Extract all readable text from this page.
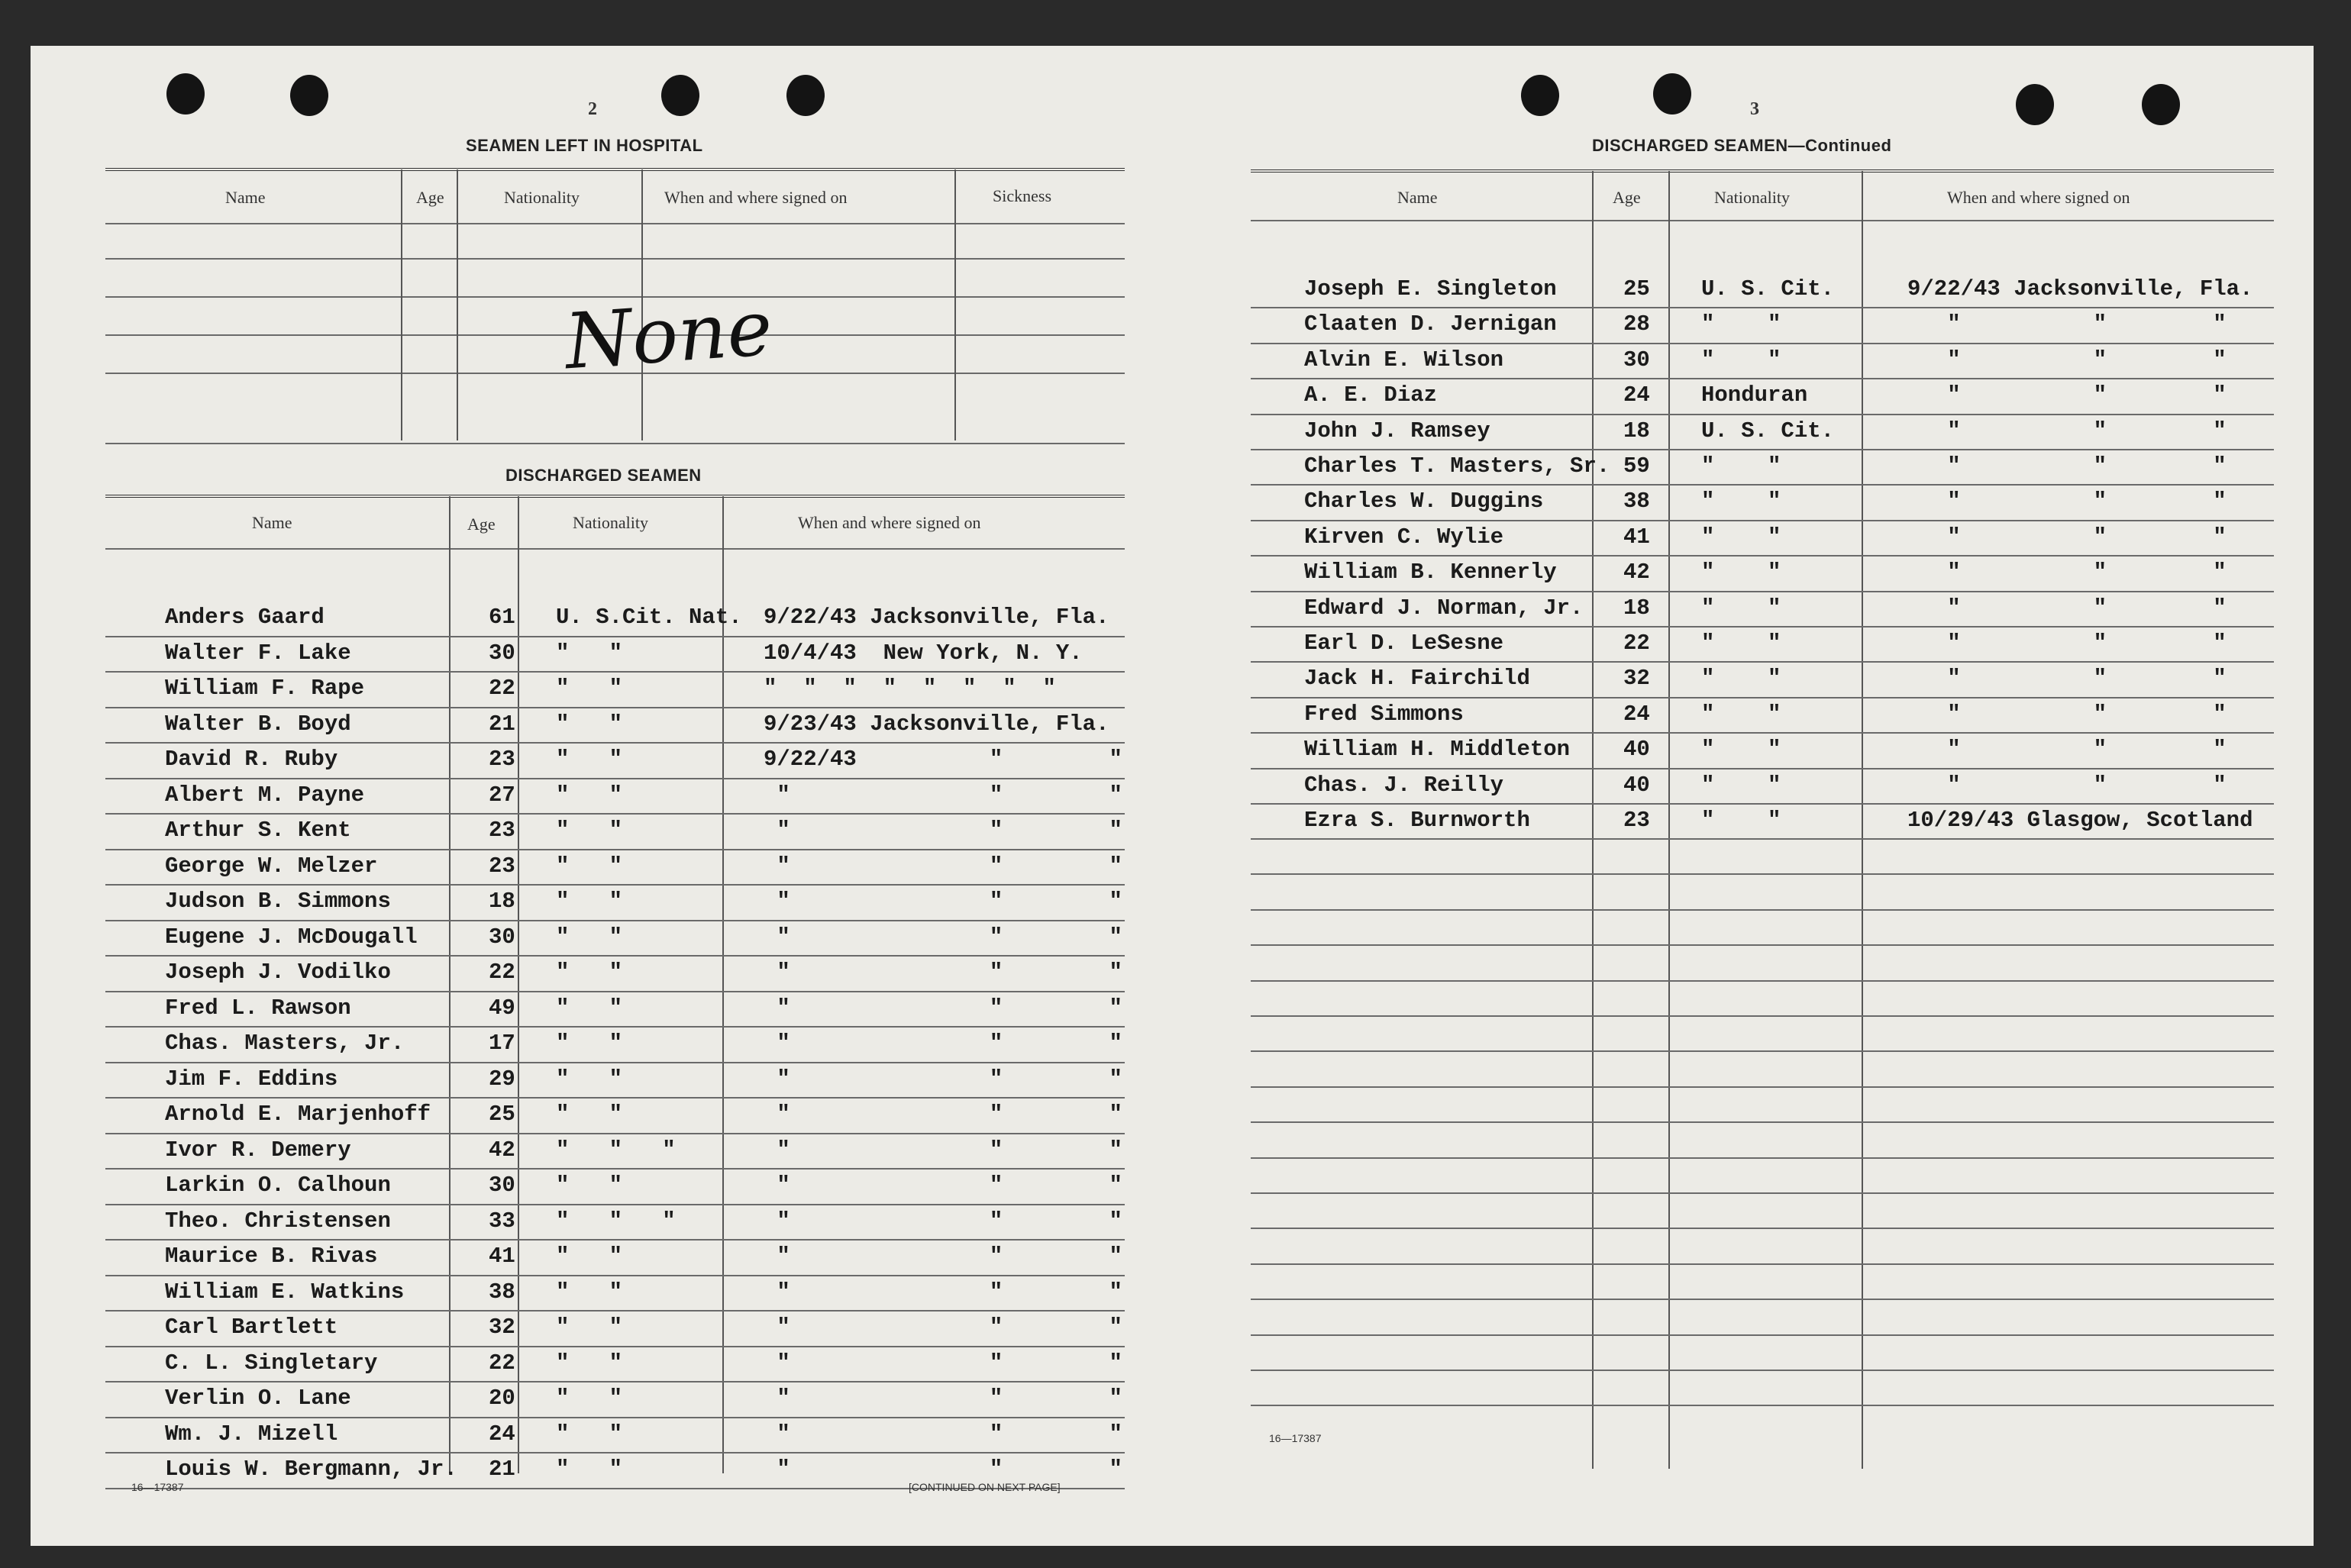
2
SEAMEN LEFT IN HOSPITAL
Name	Age	Nationality	When and where signed on	Sickness
None
DISCHARGED SEAMEN
Name	Age	Nationality	When and where signed on
Anders Gaard	61 U. S.Cit. Nat. 9/22/43 Jacksonville, Fla.
Walter F. Lake	30 "   "	10/4/43  New York, N. Y.
William F. Rape	22 "   "	"  "  "  "  "  "  "  "
Walter B. Boyd	21 "   "	9/23/43 Jacksonville, Fla.
David R. Ruby	23 "   "	9/22/43          "        "
Albert M. Payne	27 "   "	"               "        "
Arthur S. Kent	23 "   "	"               "        "
George W. Melzer	23 "   "	"               "        "
Judson B. Simmons	18 "   "	"               "        "
Eugene J. McDougall	30 "   "	"               "        "
Joseph J. Vodilko	22 "   "	"               "        "
Fred L. Rawson	49 "   "	"               "        "
Chas. Masters, Jr.	17 "   "	"               "        "
Jim F. Eddins	29 "   "	"               "        "
Arnold E. Marjenhoff	25 "   "	"               "        "
Ivor R. Demery	42 "   "   "	"               "        "
Larkin O. Calhoun	30 "   "	"               "        "
Theo. Christensen	33 "   "   "	"               "        "
Maurice B. Rivas	41 "   "	"               "        "
William E. Watkins	38 "   "	"               "        "
Carl Bartlett	32 "   "	"               "        "
C. L. Singletary	22 "   "	"               "        "
Verlin O. Lane	20 "   "	"               "        "
Wm. J. Mizell	24 "   "	"               "        "
Louis W. Bergmann, Jr. 21 "   "	"               "        "
16—17387	[CONTINUED ON NEXT PAGE]
3
DISCHARGED SEAMEN—Continued
Name	Age	Nationality	When and where signed on
Joseph E. Singleton	25 U. S. Cit.	9/22/43 Jacksonville, Fla.
Claaten D. Jernigan	28 "    "	"          "        "
Alvin E. Wilson	30 "    "	"          "        "
A. E. Diaz	24 Honduran	"          "        "
John J. Ramsey	18 U. S. Cit.	"          "        "
Charles T. Masters, Sr. 59 "    "	"          "        "
Charles W. Duggins	38 "    "	"          "        "
Kirven C. Wylie	41 "    "	"          "        "
William B. Kennerly	42 "    "	"          "        "
Edward J. Norman, Jr. 18 "    "	"          "        "
Earl D. LeSesne	22 "    "	"          "        "
Jack H. Fairchild	32 "    "	"          "        "
Fred Simmons	24 "    "	"          "        "
William H. Middleton 40 "    "	"          "        "
Chas. J. Reilly	40 "    "	"          "        "
Ezra S. Burnworth	23 "    "	10/29/43 Glasgow, Scotland
16—17387
